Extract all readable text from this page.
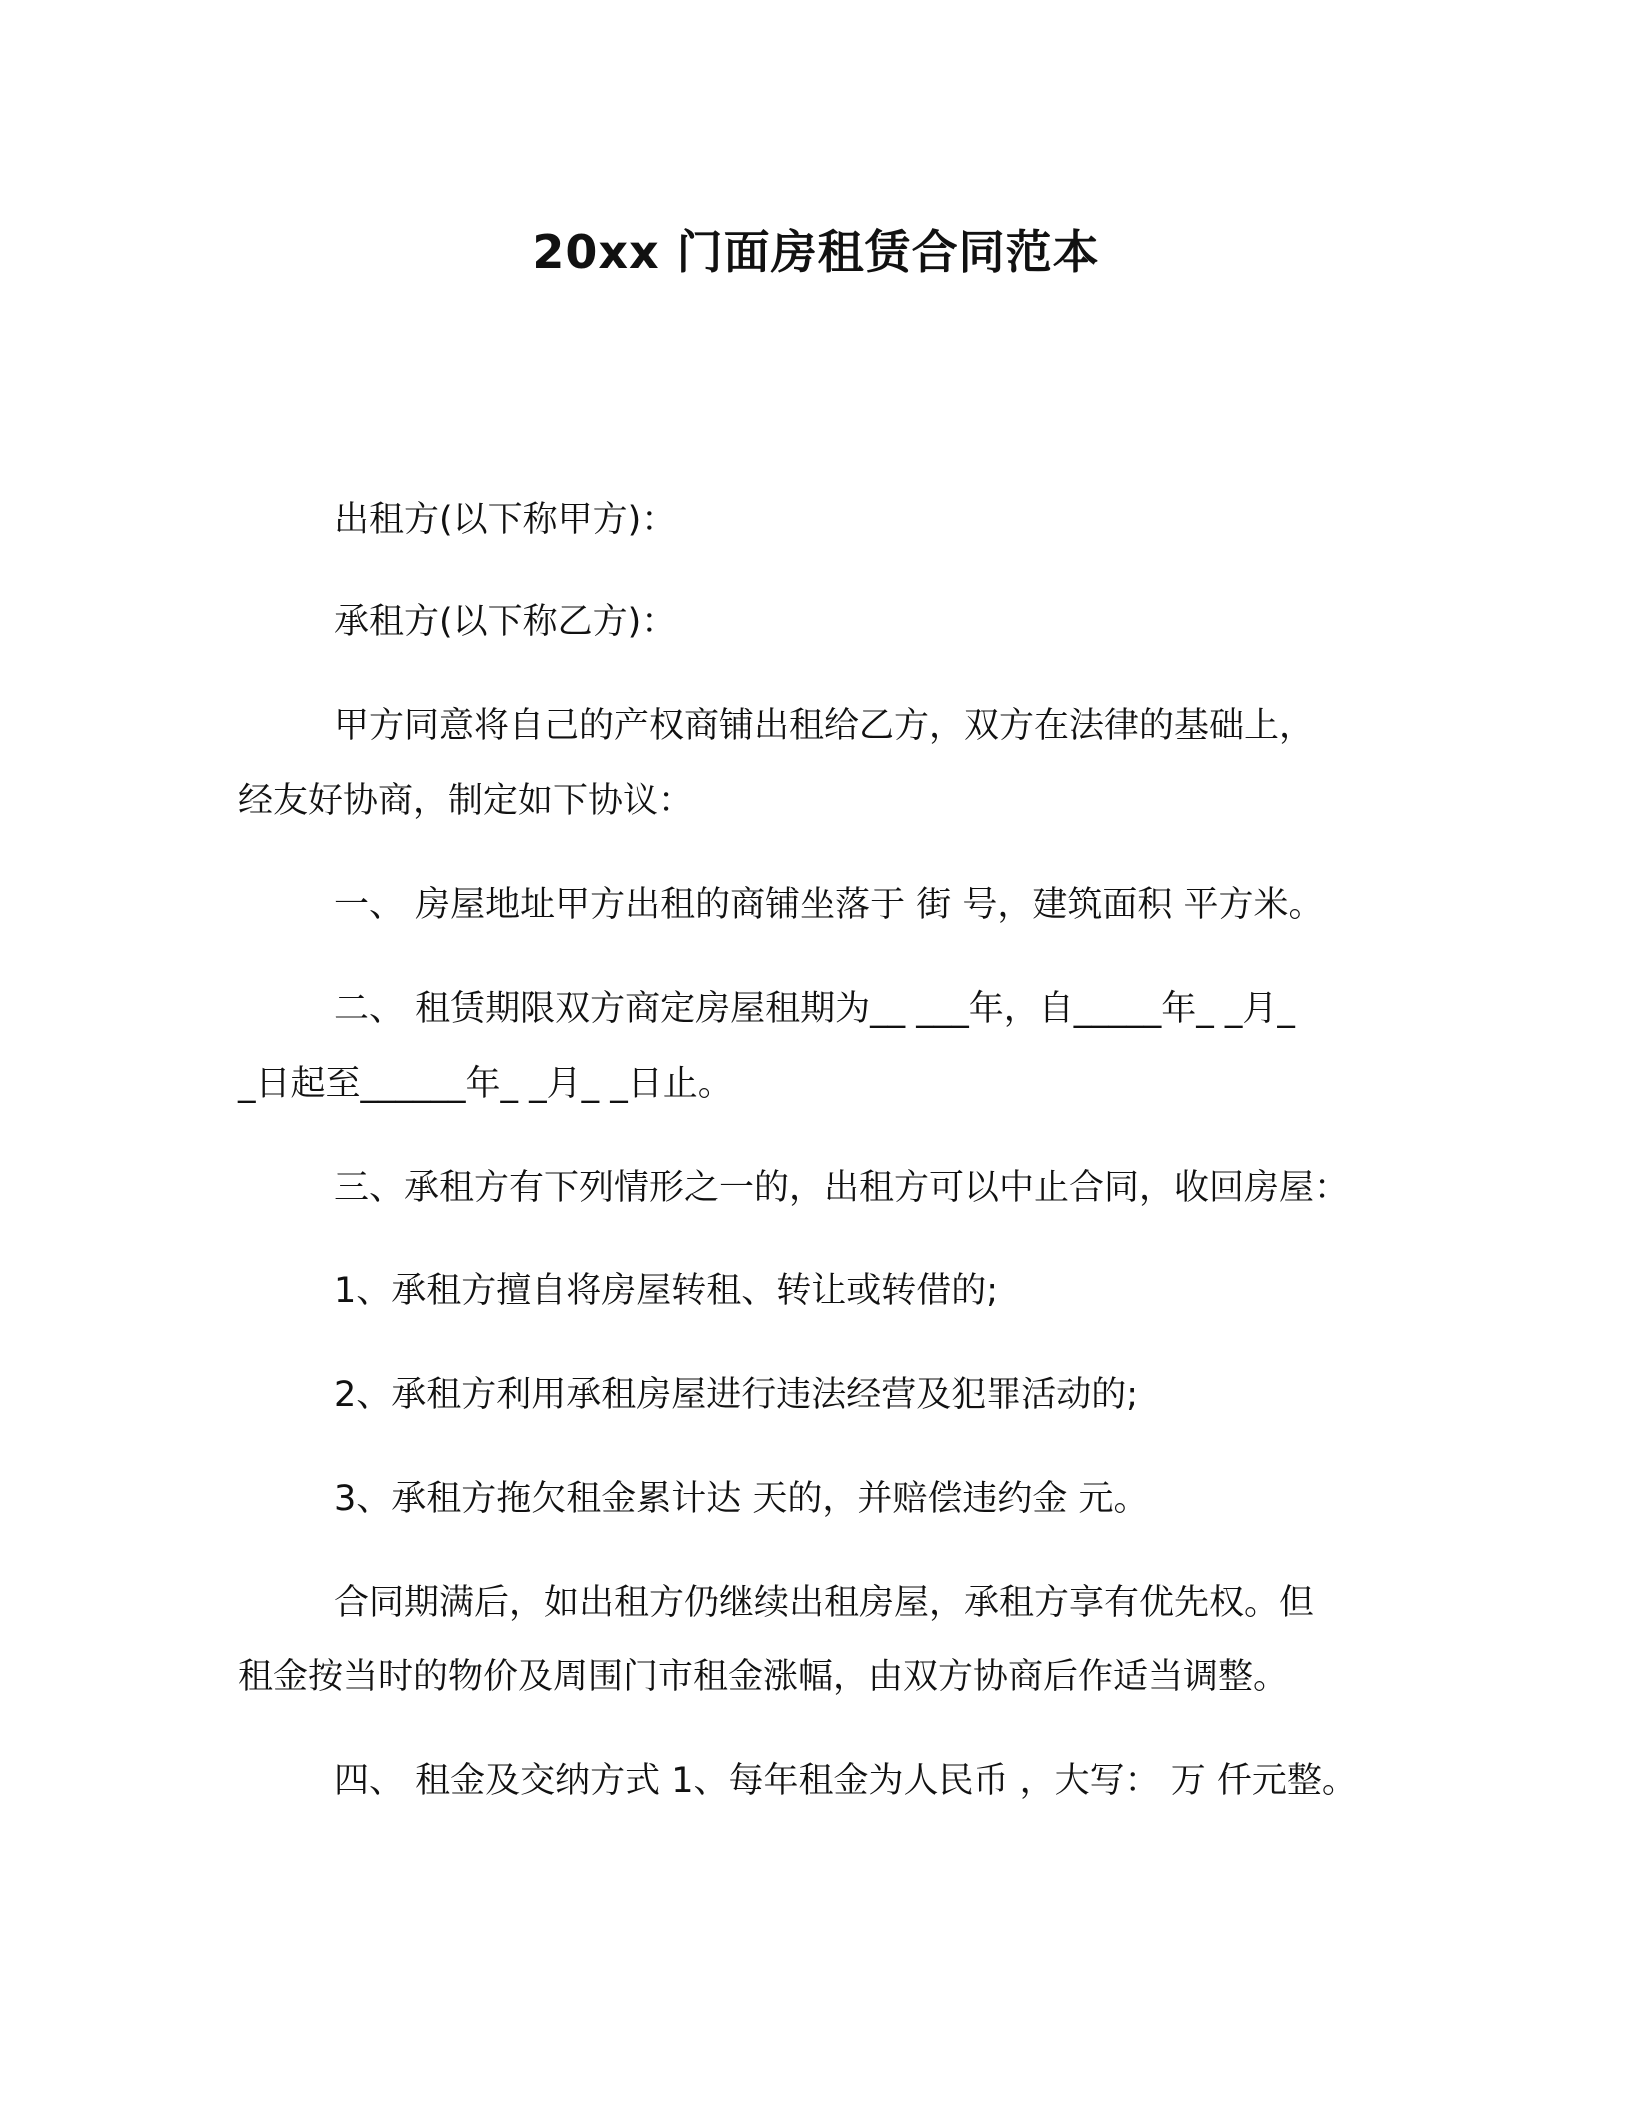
20xx 门面房租赁合同范本
出租方(以下称甲方)：
承租方(以下称乙方)：
甲方同意将自己的产权商铺出租给乙方，双方在法律的基础上，
经友好协商，制定如下协议：
一、 房屋地址甲方出租的商铺坐落于 街 号，建筑面积 平方米。
二、 租赁期限双方商定房屋租期为__ ___年，自_____年_ _月_
_日起至______年_ _月_ _日止。
三、承租方有下列情形之一的，出租方可以中止合同，收回房屋：
1、承租方擅自将房屋转租、转让或转借的;
2、承租方利用承租房屋进行违法经营及犯罪活动的;
3、承租方拖欠租金累计达 天的，并赔偿违约金 元。
合同期满后，如出租方仍继续出租房屋，承租方享有优先权。但
租金按当时的物价及周围门市租金涨幅，由双方协商后作适当调整。
四、 租金及交纳方式 1、每年租金为人民币 ，大写： 万 仟元整。
